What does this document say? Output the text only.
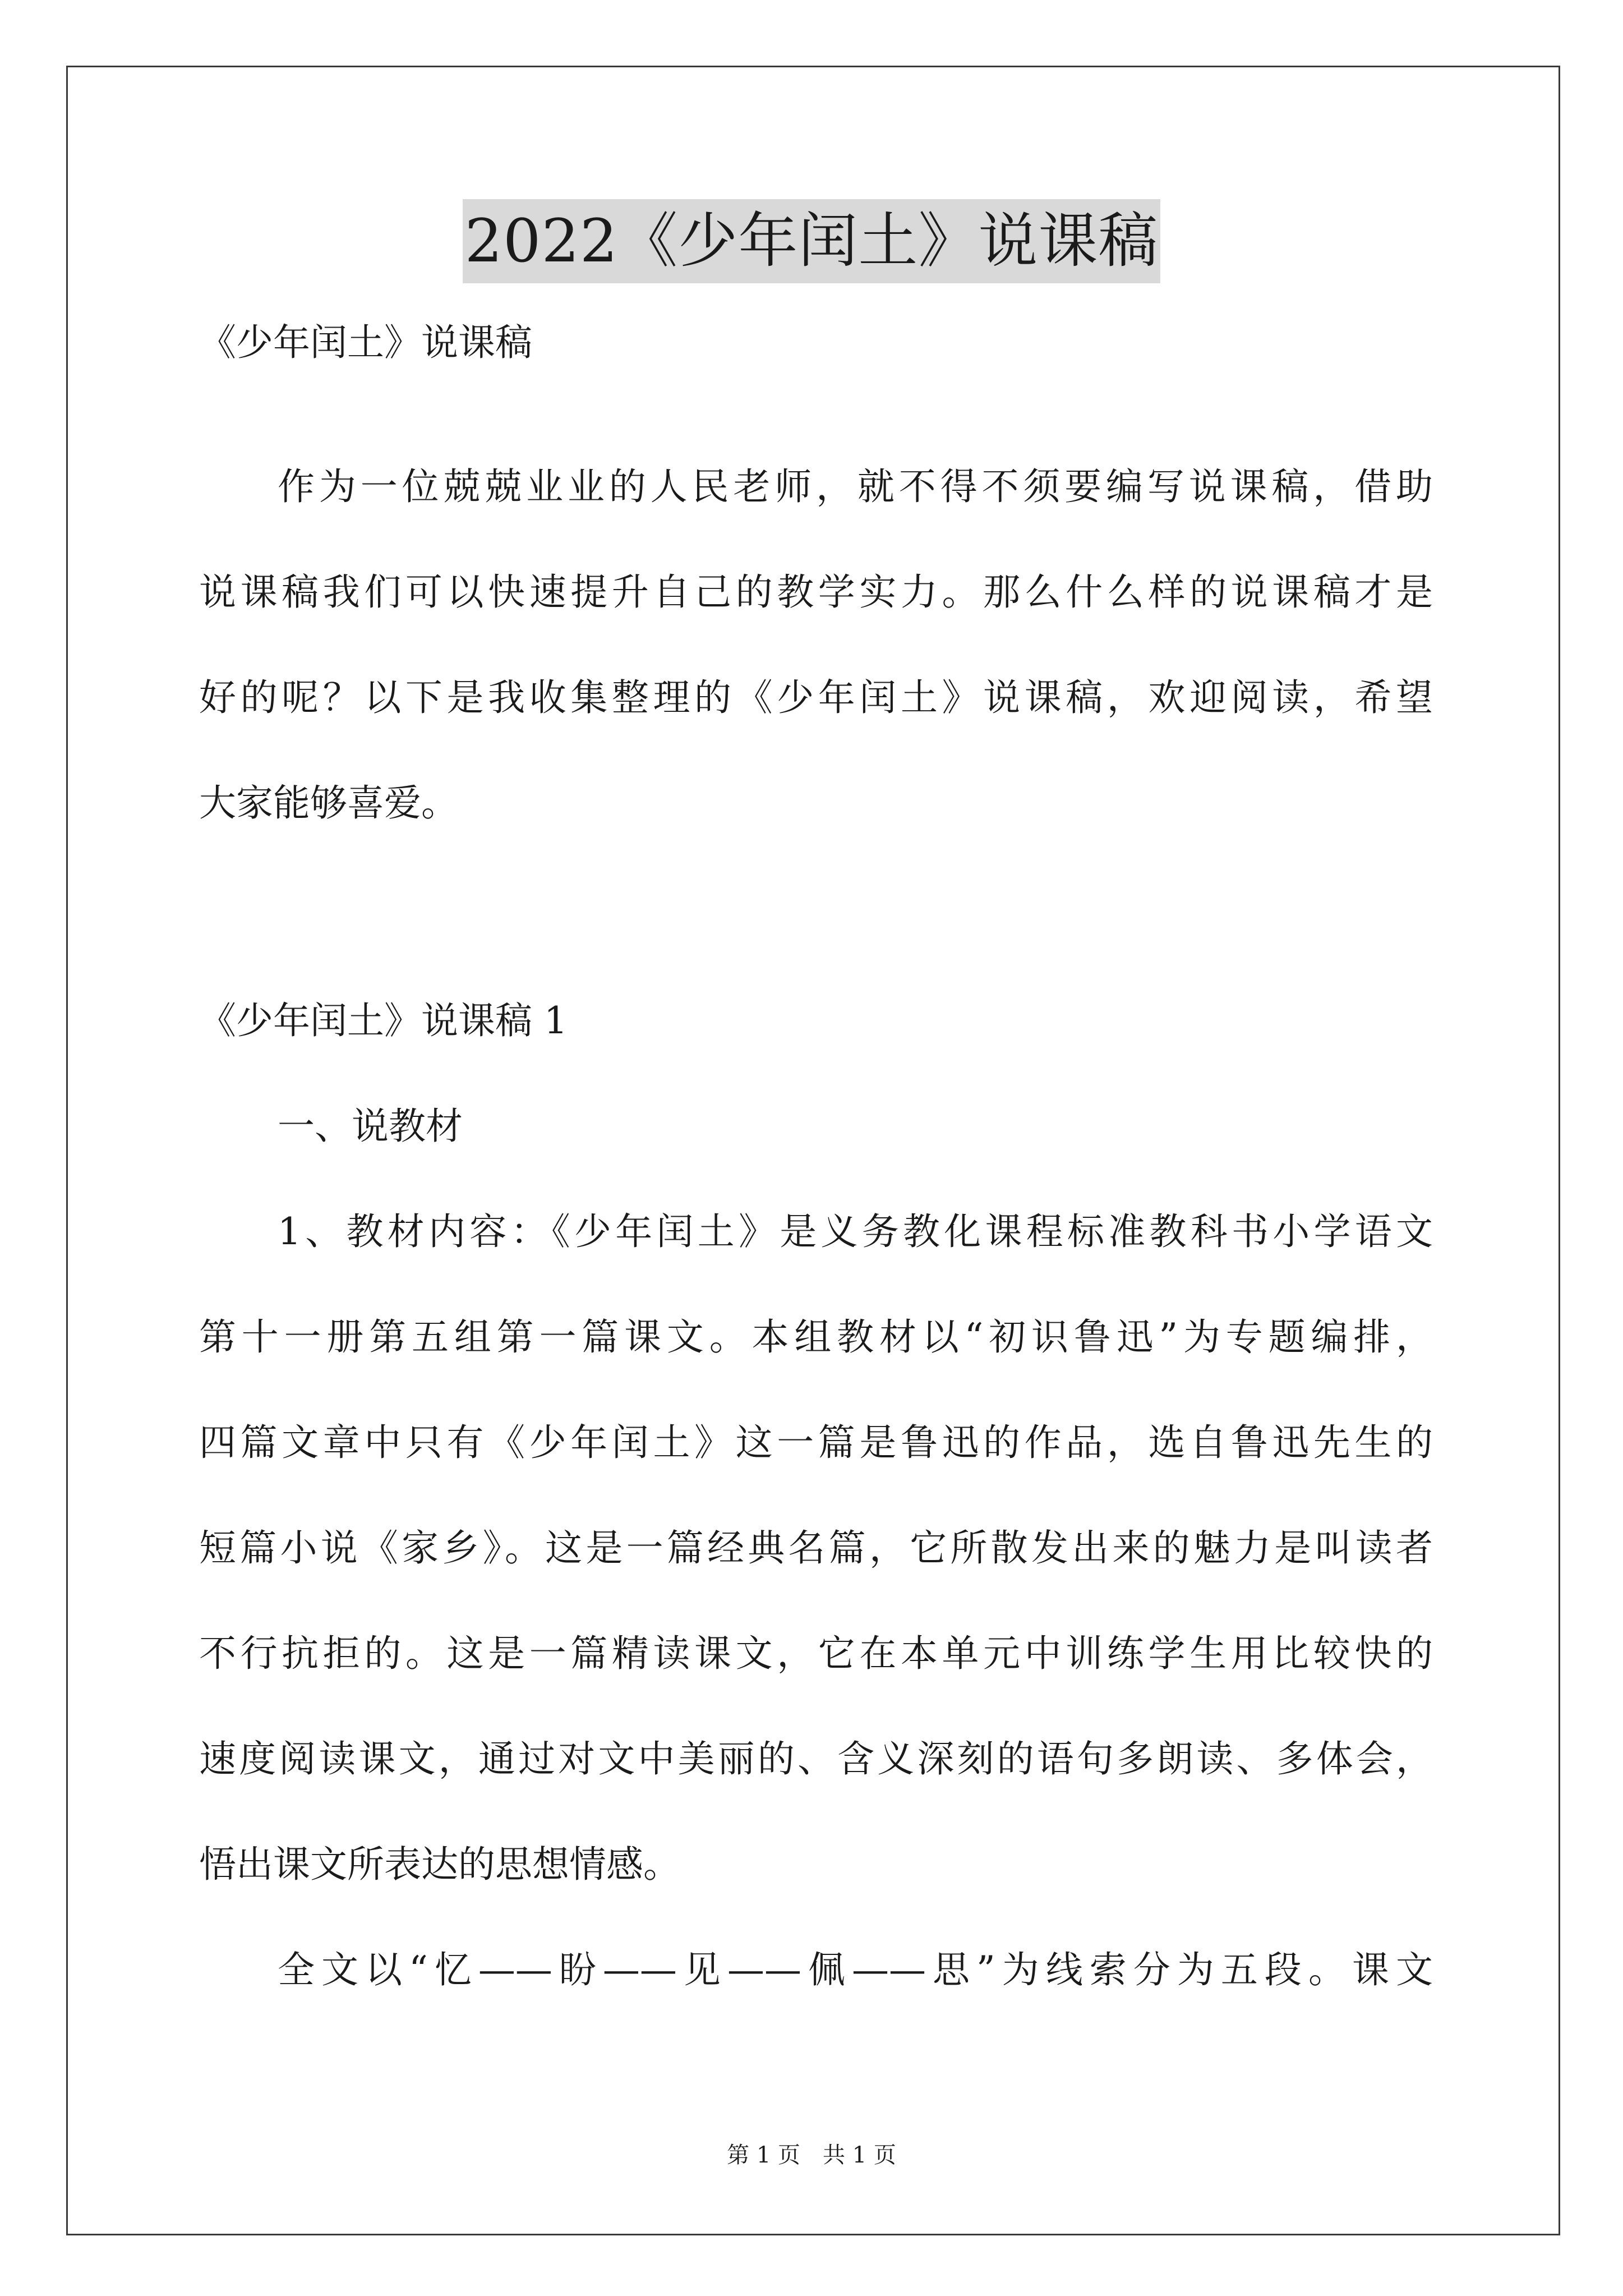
2022《少年闰土》说课稿
《少年闰土》说课稿
作为一位兢兢业业的人民老师，就不得不须要编写说课稿，借助
说课稿我们可以快速提升自己的教学实力。那么什么样的说课稿才是
好的呢？以下是我收集整理的《少年闰土》说课稿，欢迎阅读，希望
大家能够喜爱。
《少年闰土》说课稿 1
一、说教材
1、教材内容：《少年闰土》是义务教化课程标准教科书小学语文
第十一册第五组第一篇课文。本组教材以“初识鲁迅”为专题编排，
四篇文章中只有《少年闰土》这一篇是鲁迅的作品，选自鲁迅先生的
短篇小说《家乡》。这是一篇经典名篇，它所散发出来的魅力是叫读者
不行抗拒的。这是一篇精读课文，它在本单元中训练学生用比较快的
速度阅读课文，通过对文中美丽的、含义深刻的语句多朗读、多体会，
悟出课文所表达的思想情感。
全文以“忆——盼——见——佩——思”为线索分为五段。课文
第 1 页　共 1 页
